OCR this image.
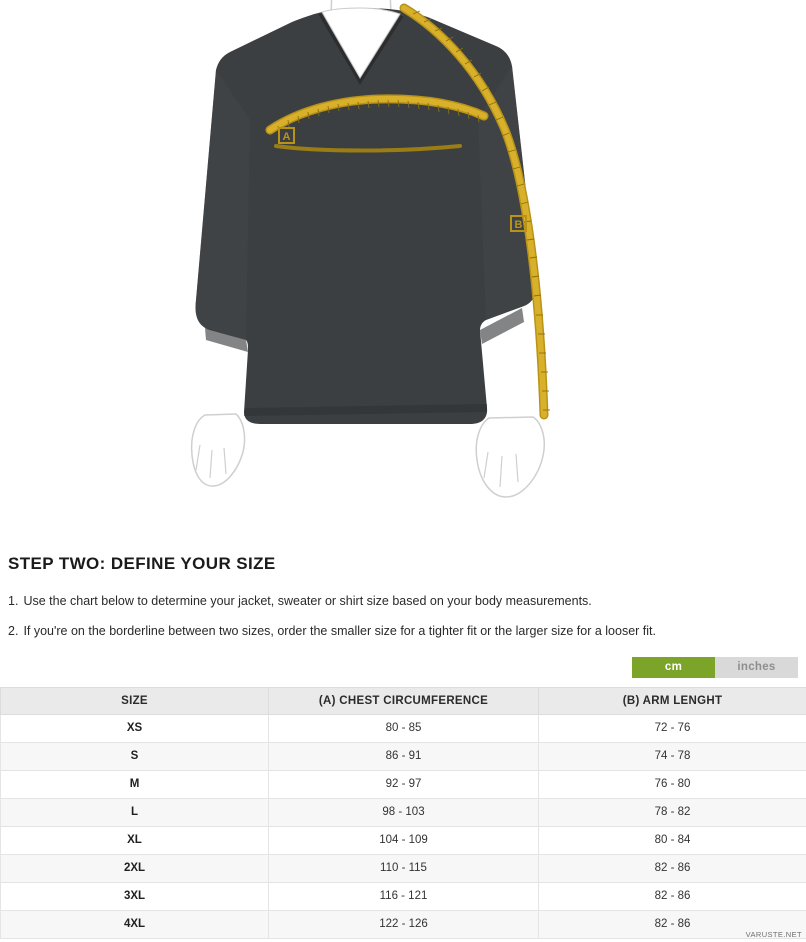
A
B
STEP TWO: DEFINE YOUR SIZE

1. Use the chart below to determine your jacket, sweater or shirt size based on your body measurements.

2. If you're on the borderline between two sizes, order the smaller size for a tighter fit or the larger size for a looser fit.

cm	inches
SIZE	(A) CHEST CIRCUMFERENCE	(B) ARM LENGHT
XS	80 - 85	72 - 76
S	86 - 91	74 - 78
M	92 - 97	76 - 80
L	98 - 103	78 - 82
XL	104 - 109	80 - 84
2XL	110 - 115	82 - 86
3XL	116 - 121	82 - 86
4XL	122 - 126	82 - 86
VARUSTE.NET
